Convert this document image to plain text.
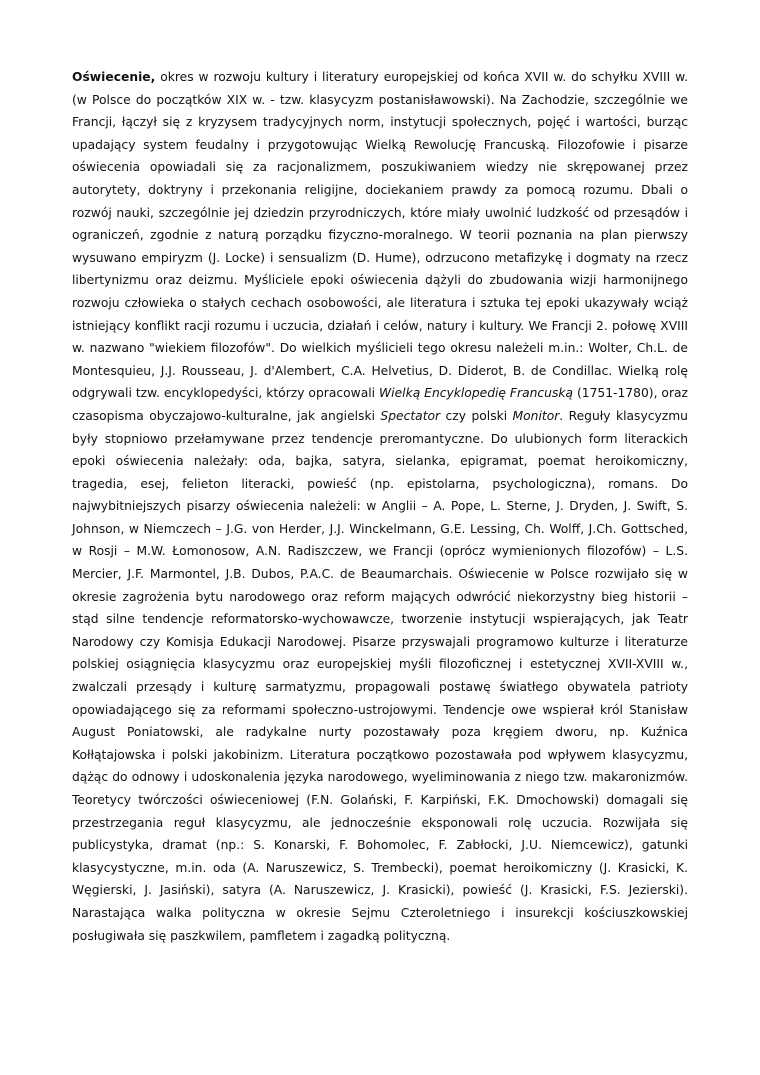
Oświecenie, okres w rozwoju kultury i literatury europejskiej od końca XVII w. do schyłku XVIII w. (w Polsce do początków XIX w. - tzw. klasycyzm postanisławowski). Na Zachodzie, szczególnie we Francji, łączył się z kryzysem tradycyjnych norm, instytucji społecznych, pojęć i wartości, burząc upadający system feudalny i przygotowując Wielką Rewolucję Francuską. Filozofowie i pisarze oświecenia opowiadali się za racjonalizmem, poszukiwaniem wiedzy nie skrępowanej przez autorytety, doktryny i przekonania religijne, dociekaniem prawdy za pomocą rozumu. Dbali o rozwój nauki, szczególnie jej dziedzin przyrodniczych, które miały uwolnić ludzkość od przesądów i ograniczeń, zgodnie z naturą porządku fizyczno-moralnego. W teorii poznania na plan pierwszy wysuwano empiryzm (J. Locke) i sensualizm (D. Hume), odrzucono metafizykę i dogmaty na rzecz libertynizmu oraz deizmu. Myśliciele epoki oświecenia dążyli do zbudowania wizji harmonijnego rozwoju człowieka o stałych cechach osobowości, ale literatura i sztuka tej epoki ukazywały wciąż istniejący konflikt racji rozumu i uczucia, działań i celów, natury i kultury. We Francji 2. połowę XVIII w. nazwano "wiekiem filozofów". Do wielkich myślicieli tego okresu należeli m.in.: Wolter, Ch.L. de Montesquieu, J.J. Rousseau, J. d'Alembert, C.A. Helvetius, D. Diderot, B. de Condillac. Wielką rolę odgrywali tzw. encyklopedyści, którzy opracowali Wielką Encyklopedię Francuską (1751-1780), oraz czasopisma obyczajowo-kulturalne, jak angielski Spectator czy polski Monitor. Reguły klasycyzmu były stopniowo przełamywane przez tendencje preromantyczne. Do ulubionych form literackich epoki oświecenia należały: oda, bajka, satyra, sielanka, epigramat, poemat heroikomiczny, tragedia, esej, felieton literacki, powieść (np. epistolarna, psychologiczna), romans. Do najwybitniejszych pisarzy oświecenia należeli: w Anglii – A. Pope, L. Sterne, J. Dryden, J. Swift, S. Johnson, w Niemczech – J.G. von Herder, J.J. Winckelmann, G.E. Lessing, Ch. Wolff, J.Ch. Gottsched, w Rosji – M.W. Łomonosow, A.N. Radiszczew, we Francji (oprócz wymienionych filozofów) – L.S. Mercier, J.F. Marmontel, J.B. Dubos, P.A.C. de Beaumarchais. Oświecenie w Polsce rozwijało się w okresie zagrożenia bytu narodowego oraz reform mających odwrócić niekorzystny bieg historii – stąd silne tendencje reformatorsko-wychowawcze, tworzenie instytucji wspierających, jak Teatr Narodowy czy Komisja Edukacji Narodowej. Pisarze przyswajali programowo kulturze i literaturze polskiej osiągnięcia klasycyzmu oraz europejskiej myśli filozoficznej i estetycznej XVII-XVIII w., zwalczali przesądy i kulturę sarmatyzmu, propagowali postawę światłego obywatela patrioty opowiadającego się za reformami społeczno-ustrojowymi. Tendencje owe wspierał król Stanisław August Poniatowski, ale radykalne nurty pozostawały poza kręgiem dworu, np. Kuźnica Kołłątajowska i polski jakobinizm. Literatura początkowo pozostawała pod wpływem klasycyzmu, dążąc do odnowy i udoskonalenia języka narodowego, wyeliminowania z niego tzw. makaronizmów. Teoretycy twórczości oświeceniowej (F.N. Golański, F. Karpiński, F.K. Dmochowski) domagali się przestrzegania reguł klasycyzmu, ale jednocześnie eksponowali rolę uczucia. Rozwijała się publicystyka, dramat (np.: S. Konarski, F. Bohomolec, F. Zabłocki, J.U. Niemcewicz), gatunki klasycystyczne, m.in. oda (A. Naruszewicz, S. Trembecki), poemat heroikomiczny (J. Krasicki, K. Węgierski, J. Jasiński), satyra (A. Naruszewicz, J. Krasicki), powieść (J. Krasicki, F.S. Jezierski). Narastająca walka polityczna w okresie Sejmu Czteroletniego i insurekcji kościuszkowskiej posługiwała się paszkwilem, pamfletem i zagadką polityczną.
